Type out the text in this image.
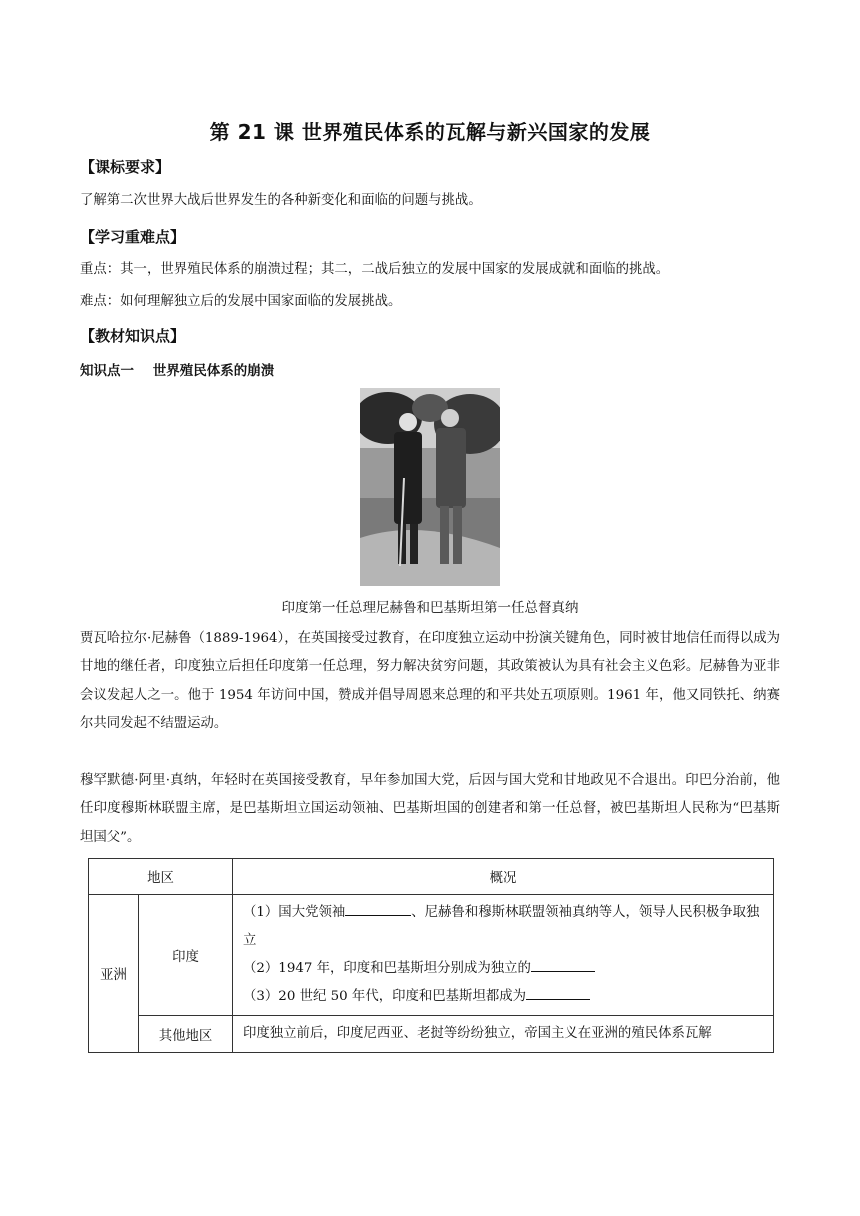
第 21 课 世界殖民体系的瓦解与新兴国家的发展
【课标要求】
了解第二次世界大战后世界发生的各种新变化和面临的问题与挑战。
【学习重难点】
重点：其一，世界殖民体系的崩溃过程；其二，二战后独立的发展中国家的发展成就和面临的挑战。
难点：如何理解独立后的发展中国家面临的发展挑战。
【教材知识点】
知识点一    世界殖民体系的崩溃
印度第一任总理尼赫鲁和巴基斯坦第一任总督真纳
贾瓦哈拉尔·尼赫鲁（1889-1964），在英国接受过教育，在印度独立运动中扮演关键角色，同时被甘地信任而得以成为甘地的继任者，印度独立后担任印度第一任总理，努力解决贫穷问题，其政策被认为具有社会主义色彩。尼赫鲁为亚非会议发起人之一。他于 1954 年访问中国，赞成并倡导周恩来总理的和平共处五项原则。1961 年，他又同铁托、纳赛尔共同发起不结盟运动。
穆罕默德·阿里·真纳，年轻时在英国接受教育，早年参加国大党，后因与国大党和甘地政见不合退出。印巴分治前，他任印度穆斯林联盟主席，是巴基斯坦立国运动领袖、巴基斯坦国的创建者和第一任总督，被巴基斯坦人民称为“巴基斯坦国父”。
地区		概况
亚洲	印度	（1）国大党领袖 、尼赫鲁和穆斯林联盟领袖真纳等人，领导人民积极争取独立
（2）1947 年，印度和巴基斯坦分别成为独立的
（3）20 世纪 50 年代，印度和巴基斯坦都成为

	其他地区	印度独立前后，印度尼西亚、老挝等纷纷独立，帝国主义在亚洲的殖民体系瓦解
